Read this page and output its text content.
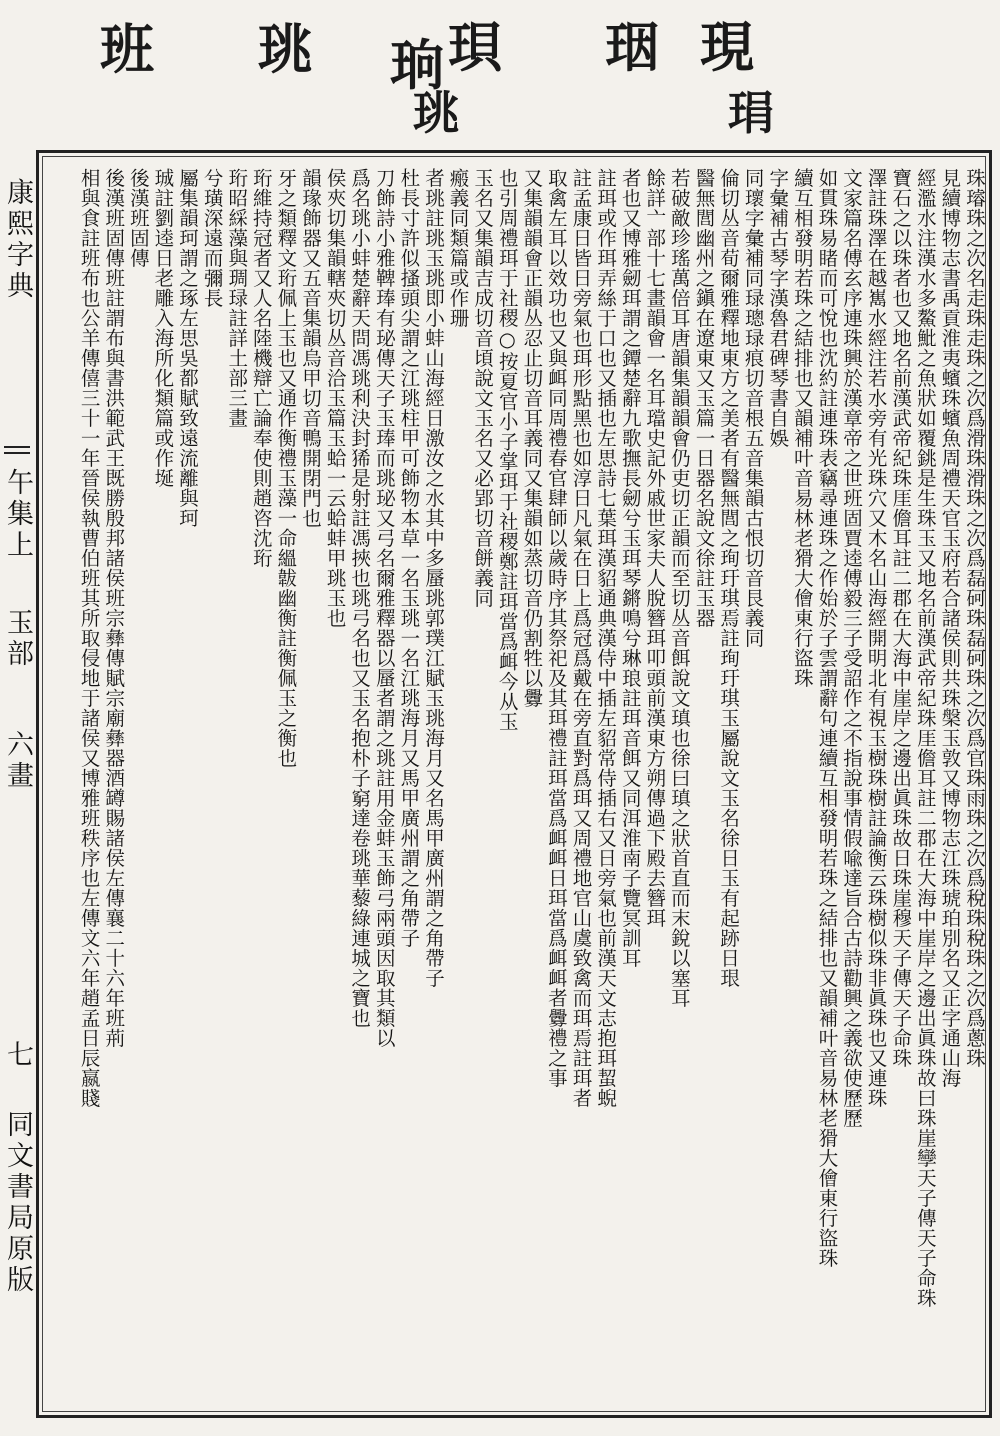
現
珚
珼
珦
珧
班
琄
珧
康熙字典
午集上
玉部
六畫
七
同文書局原版
珠璿珠之次名走珠走珠之次爲滑珠滑珠之次爲磊砢珠磊砢珠之次爲官珠雨珠之次爲稅珠稅珠之次爲蔥珠
見續博物志書禹貢淮夷蠙珠蠙魚周禮天官玉府若合諸侯則共珠槃玉敦又博物志江珠琥珀別名又正字通山海
經濫水注漢水多鰲魮之魚狀如覆銚是生珠玉又地名前漢武帝紀珠厓儋耳註二郡在大海中崖岸之邊出眞珠故曰珠崖孿天子傳天子命珠
寶石之以珠者也又地名前漢武帝紀珠厓儋耳註二郡在大海中崖岸之邊出眞珠故日珠崖穆天子傳天子命珠
澤註珠澤在越嶲水經注若水旁有光珠穴又木名山海經開明北有視玉樹珠樹註論衡云珠樹似珠非眞珠也又連珠
文家篇名傅玄序連珠興於漢章帝之世班固賈逵傅毅三子受詔作之不指說事情假喩達旨合古詩勸興之義欲使歷歷
如貫珠易睹而可悅也沈約註連珠表竊尋連珠之作始於子雲謂辭句連續互相發明若珠之結排也又韻補叶音易林老猾大儈東行盜珠
續互相發明若珠之結排也又韻補叶音易林老猾大儈東行盜珠
字彙補古琴字漢魯君碑琴書自娛
同瓌字彙補同琭璁琭痕切音根五音集韻古恨切音艮義同
倫切丛音荀爾雅釋地東方之美者有醫無閭之珣玗琪焉註珣玗琪玉屬說文玉名徐日玉有起跡日珢
醫無閭幽州之鎭在遼東又玉篇一日器名說文徐註玉器
若破敵珍瑤萬倍耳唐韻集韻韻會仍吏切正韻而至切丛音餌說文瑱也徐曰瑱之狀首直而末銳以塞耳
餘詳亠部十七畫韻會一名耳璫史記外戚世家夫人脫簪珥叩頭前漢東方朔傳過下殿去簪珥
者也又博雅劒珥謂之鐔楚辭九歌撫長劒兮玉珥琴鏘鳴兮琳琅註珥音餌又同洱淮南子覽冥訓耳
註珥或作珥弄絲于口也又插也左思詩七葉珥漢貂通典漢侍中插左貂常侍插右又日旁氣也前漢天文志抱珥蛪蜺
註孟康日皆日旁氣也珥形點黑也如淳日凡氣在日上爲冠爲戴在旁直對爲珥又周禮地官山虞致禽而珥焉註珥者
取禽左耳以效功也又與衈同周禮春官肆師以歲時序其祭祀及其珥禮註珥當爲衈衈日珥當爲衈衈者釁禮之事
又集韻韻會正韻丛忍止切音耳義同又集韻如蒸切音仍割牲以釁
也引周禮珥于社稷○按夏官小子掌珥于社稷鄭註珥當爲衈今从玉
玉名又集韻吉成切音頃說文玉名又必郢切音餅義同
瘢義同類篇或作珊
者珧註珧玉珧即小蚌山海經日激汝之水其中多蜃珧郭璞江賦玉珧海月又名馬甲廣州謂之角帶子
杜長寸許似搔頭尖謂之江珧柱甲可飾物本草一名玉珧一名江珧海月又馬甲廣州謂之角帶子
刀飾詩小雅鞞琫有珌傳天子玉琫而珧珌又弓名爾雅釋器以蜃者謂之珧註用金蚌玉飾弓兩頭因取其類以
爲名珧小蚌楚辭天問馮珧利決封狶是射註馮挾也珧弓名也又玉名抱朴子窮達卷珧華藜綠連城之寶也
侯夾切集韻轄夾切丛音洽玉篇玉蛤一云蛤蚌甲珧玉也
韻瑑飾器又五音集韻烏甲切音鴨開閉門也
牙之類釋文珩佩上玉也又通作衡禮玉藻一命縕韍幽衡註衡佩玉之衡也
珩維持冠者又人名陸機辯亡論奉使則趙咨沈珩
珩昭綵藻與琱琭註詳土部三畫
兮璜深遠而彌長
屬集韻珂謂之琢左思吳都賦致遠流離與珂
珹註劉逵日老雕入海所化類篇或作埏
後漢班固傳
後漢班固傳班註謂布與書洪範武王既勝殷邦諸侯班宗彝傳賦宗廟彝器酒罇賜諸侯左傳襄二十六年班荊
相與食註班布也公羊傳僖三十一年晉侯執曹伯班其所取侵地于諸侯又博雅班秩序也左傳文六年趙孟日辰嬴賤
